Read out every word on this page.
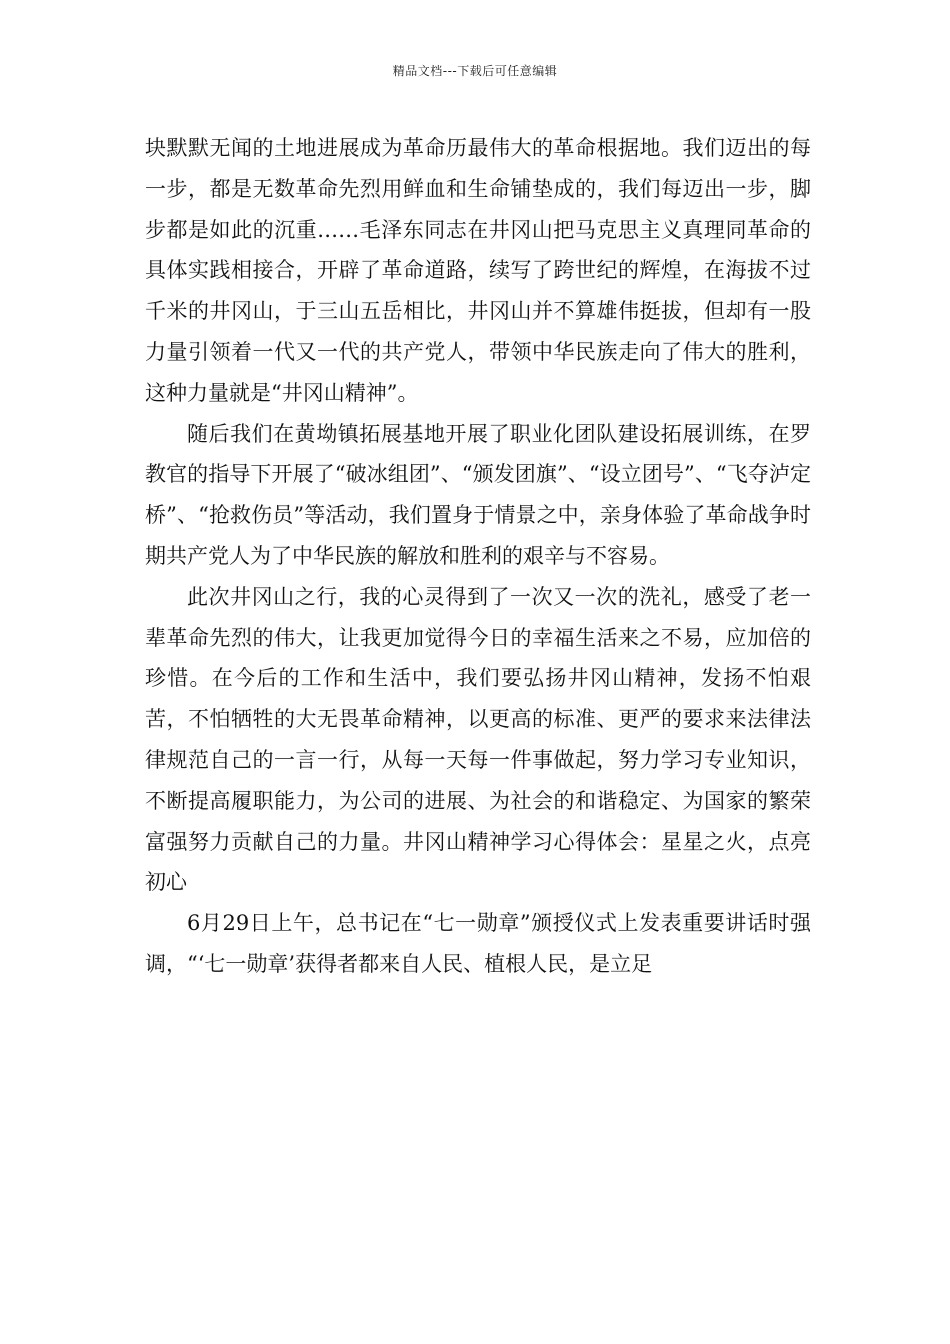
精品文档---下载后可任意编辑

块默默无闻的土地进展成为革命历最伟大的革命根据地。我们迈出的每一步，都是无数革命先烈用鲜血和生命铺垫成的，我们每迈出一步，脚步都是如此的沉重……毛泽东同志在井冈山把马克思主义真理同革命的具体实践相接合，开辟了革命道路，续写了跨世纪的辉煌，在海拔不过千米的井冈山，于三山五岳相比，井冈山并不算雄伟挺拔，但却有一股力量引领着一代又一代的共产党人，带领中华民族走向了伟大的胜利，这种力量就是“井冈山精神”。

随后我们在黄坳镇拓展基地开展了职业化团队建设拓展训练，在罗教官的指导下开展了“破冰组团”、“颁发团旗”、“设立团号”、“飞夺泸定桥”、“抢救伤员”等活动，我们置身于情景之中，亲身体验了革命战争时期共产党人为了中华民族的解放和胜利的艰辛与不容易。

此次井冈山之行，我的心灵得到了一次又一次的洗礼，感受了老一辈革命先烈的伟大，让我更加觉得今日的幸福生活来之不易，应加倍的珍惜。在今后的工作和生活中，我们要弘扬井冈山精神，发扬不怕艰苦，不怕牺牲的大无畏革命精神，以更高的标准、更严的要求来法律法律规范自己的一言一行，从每一天每一件事做起，努力学习专业知识，不断提高履职能力，为公司的进展、为社会的和谐稳定、为国家的繁荣富强努力贡献自己的力量。井冈山精神学习心得体会：星星之火，点亮初心

6月29日上午，总书记在“七一勋章”颁授仪式上发表重要讲话时强调，“‘七一勋章’获得者都来自人民、植根人民，是立足
